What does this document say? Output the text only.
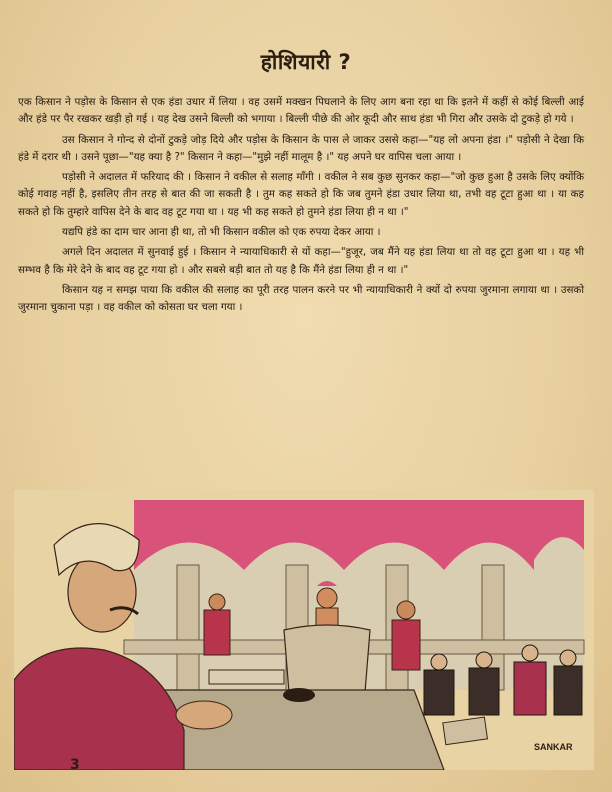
होशियारी ?

एक किसान ने पड़ोस के किसान से एक हंडा उधार में लिया । वह उसमें मक्खन पिघलाने के लिए आग बना रहा था कि इतने में कहीं से कोई बिल्ली आई और हंडे पर पैर रखकर खड़ी हो गई । यह देख उसने बिल्ली को भगाया । बिल्ली पीछे की ओर कूदी और साथ हंडा भी गिरा और उसके दो टुकड़े हो गये ।

उस किसान ने गोन्द से दोनों टुकड़े जोड़ दिये और पड़ोस के किसान के पास ले जाकर उससे कहा—"यह लो अपना हंडा ।" पड़ोसी ने देखा कि हंडे में दरार थी । उसने पूछा—"यह क्या है ?" किसान ने कहा—"मुझे नहीं मालूम है ।" यह अपने घर वापिस चला आया ।

पड़ोसी ने अदालत में फरियाद की । किसान ने वकील से सलाह माँगी । वकील ने सब कुछ सुनकर कहा—"जो कुछ हुआ है उसके लिए क्योंकि कोई गवाह नहीं है, इसलिए तीन तरह से बात की जा सकती है । तुम कह सकते हो कि जब तुमने हंडा उधार लिया था, तभी वह टूटा हुआ था । या कह सकते हो कि तुम्हारे वापिस देने के बाद वह टूट गया था । यह भी कह सकते हो तुमने हंडा लिया ही न था ।"

यद्यपि हंडे का दाम चार आना ही था, तो भी किसान वकील को एक रुपया देकर आया ।

अगले दिन अदालत में सुनवाई हुई । किसान ने न्यायाधिकारी से यों कहा—"हुजूर, जब मैंने यह हंडा लिया था तो वह टूटा हुआ था । यह भी सम्भव है कि मेरे देने के बाद वह टूट गया हो । और सबसे बड़ी बात तो यह है कि मैंने हंडा लिया ही न था ।"

किसान यह न समझ पाया कि वकील की सलाह का पूरी तरह पालन करने पर भी न्यायाधिकारी ने क्यों दो रुपया जुरमाना लगाया था । उसको जुरमाना चुकाना पड़ा । वह वकील को कोसता घर चला गया ।

SANKAR
3
